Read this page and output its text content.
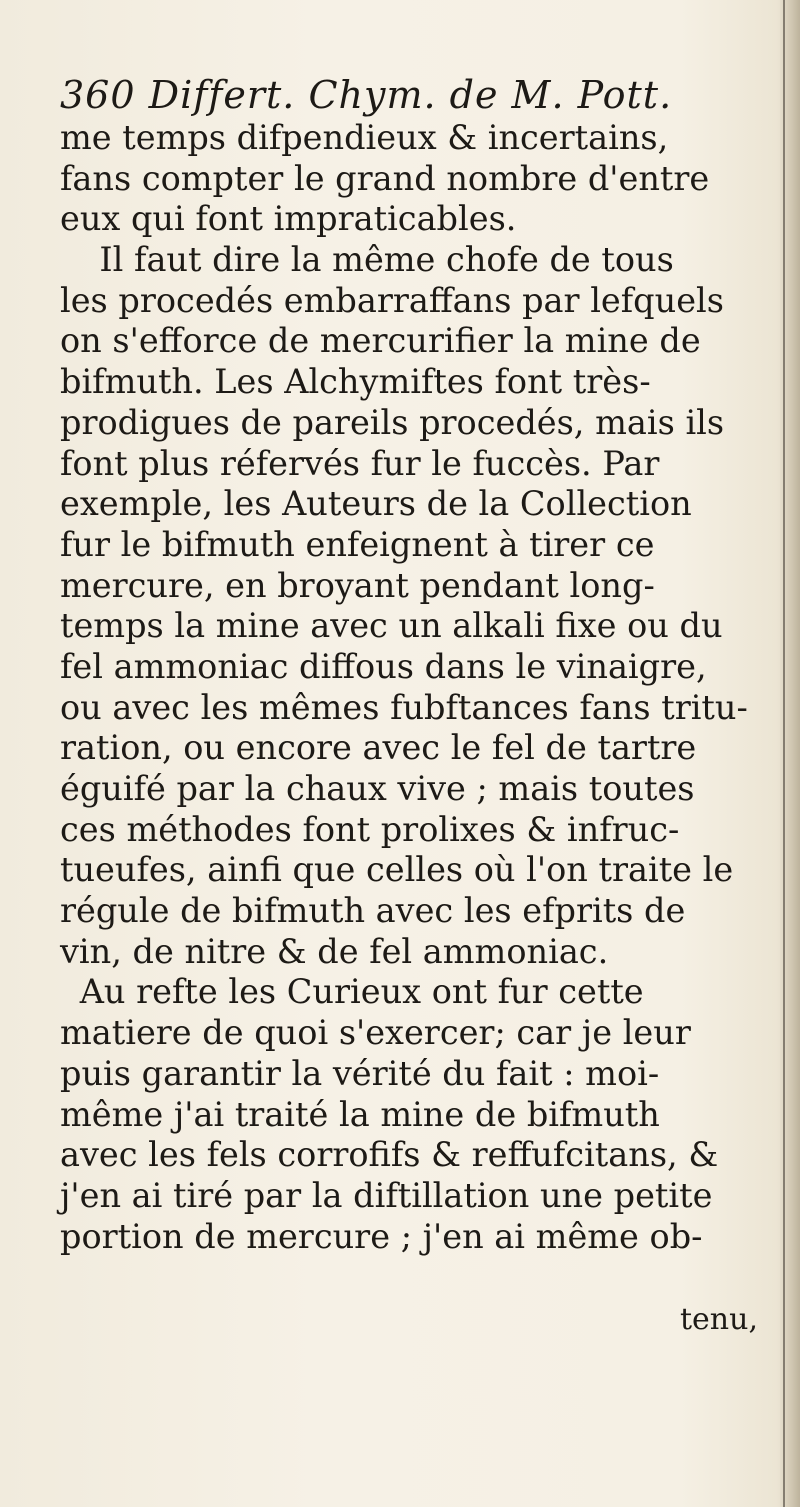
360 Differt. Chym. de M. Pott.
me temps difpendieux & incertains,
fans compter le grand nombre d'entre
eux qui font impraticables.
Il faut dire la même chofe de tous
les procedés embarraffans par lefquels
on s'efforce de mercurifier la mine de
bifmuth. Les Alchymiftes font très-
prodigues de pareils procedés, mais ils
font plus réfervés fur le fuccès. Par
exemple, les Auteurs de la Collection
fur le bifmuth enfeignent à tirer ce
mercure, en broyant pendant long-
temps la mine avec un alkali fixe ou du
fel ammoniac diffous dans le vinaigre,
ou avec les mêmes fubftances fans tritu-
ration, ou encore avec le fel de tartre
éguifé par la chaux vive ; mais toutes
ces méthodes font prolixes & infruc-
tueufes, ainfi que celles où l'on traite le
régule de bifmuth avec les efprits de
vin, de nitre & de fel ammoniac.
Au refte les Curieux ont fur cette
matiere de quoi s'exercer; car je leur
puis garantir la vérité du fait : moi-
même j'ai traité la mine de bifmuth
avec les fels corrofifs & reffufcitans, &
j'en ai tiré par la diftillation une petite
portion de mercure ; j'en ai même ob-
tenu,
